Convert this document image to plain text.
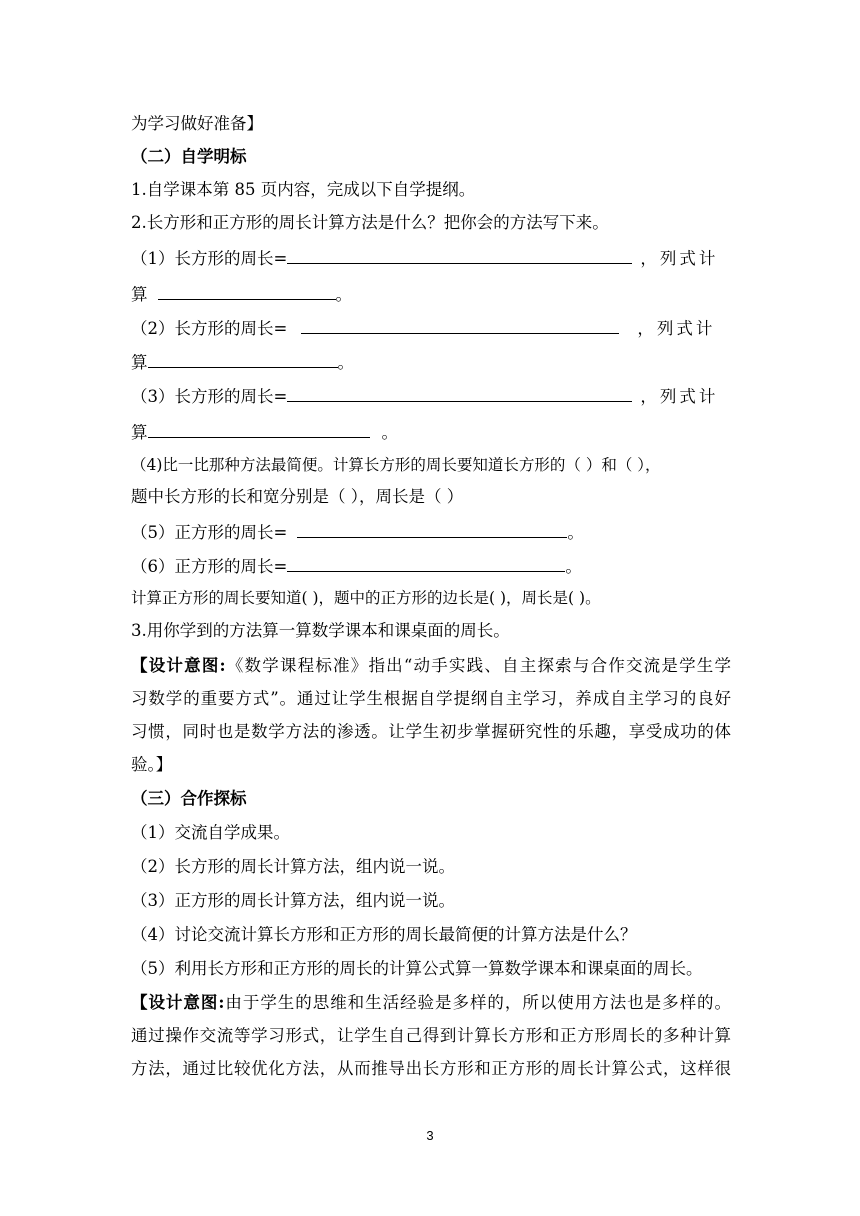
为学习做好准备】
（二）自学明标
1.自学课本第 85 页内容，完成以下自学提纲。
2.长方形和正方形的周长计算方法是什么？把你会的方法写下来。
（1）长方形的周长=	，列式计
算	。
（2）长方形的周长=	，列式计
算	。
（3）长方形的周长=	，列式计
算	。
（4)比一比那种方法最简便。计算长方形的周长要知道长方形的（ ）和（ ），
题中长方形的长和宽分别是（ ），周长是（ ）
（5）正方形的周长=	。
（6）正方形的周长=	。
计算正方形的周长要知道( )，题中的正方形的边长是( )，周长是( )。
3.用你学到的方法算一算数学课本和课桌面的周长。
【设计意图:《数学课程标准》指出“动手实践、自主探索与合作交流是学生学
习数学的重要方式”。通过让学生根据自学提纲自主学习，养成自主学习的良好
习惯，同时也是数学方法的渗透。让学生初步掌握研究性的乐趣，享受成功的体
验。】
（三）合作探标
（1）交流自学成果。
（2）长方形的周长计算方法，组内说一说。
（3）正方形的周长计算方法，组内说一说。
（4）讨论交流计算长方形和正方形的周长最简便的计算方法是什么？
（5）利用长方形和正方形的周长的计算公式算一算数学课本和课桌面的周长。
【设计意图:由于学生的思维和生活经验是多样的，所以使用方法也是多样的。
通过操作交流等学习形式，让学生自己得到计算长方形和正方形周长的多种计算
方法，通过比较优化方法，从而推导出长方形和正方形的周长计算公式，这样很
3
